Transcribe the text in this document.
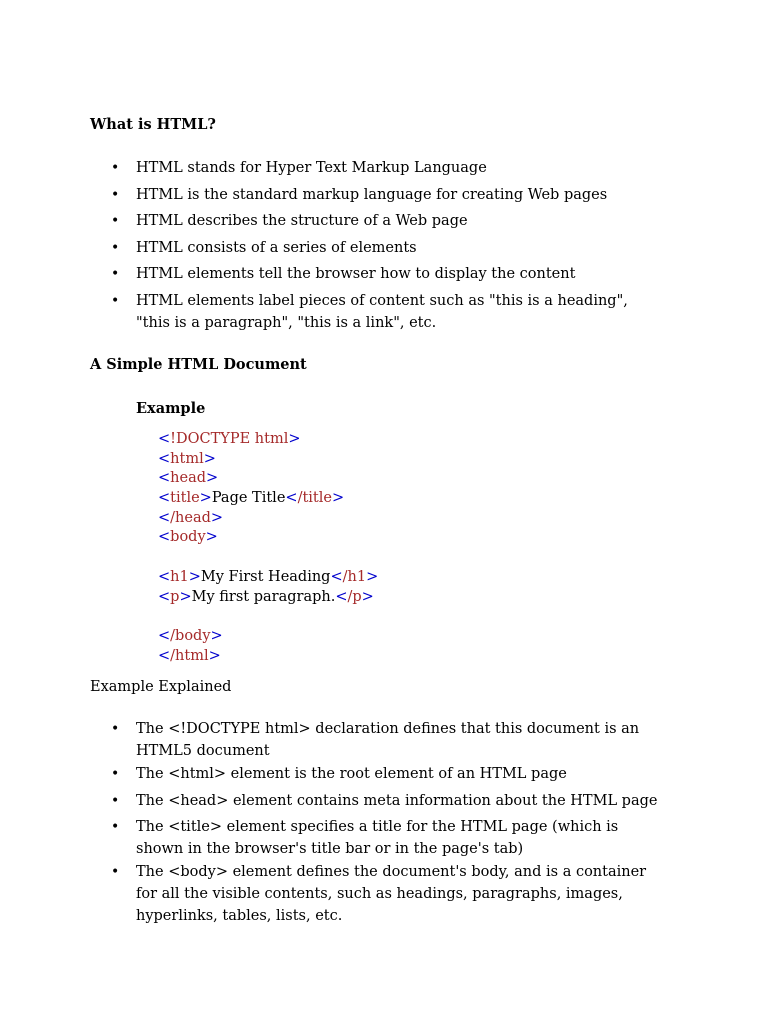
What is HTML?

• HTML stands for Hyper Text Markup Language
• HTML is the standard markup language for creating Web pages
• HTML describes the structure of a Web page
• HTML consists of a series of elements
• HTML elements tell the browser how to display the content
• HTML elements label pieces of content such as "this is a heading", "this is a paragraph", "this is a link", etc.

A Simple HTML Document

Example

<!DOCTYPE html>
<html>
<head>
<title>Page Title</title>
</head>
<body>
<h1>My First Heading</h1>
<p>My first paragraph.</p>
</body>
</html>

Example Explained

• The <!DOCTYPE html> declaration defines that this document is an HTML5 document
• The <html> element is the root element of an HTML page
• The <head> element contains meta information about the HTML page
• The <title> element specifies a title for the HTML page (which is shown in the browser's title bar or in the page's tab)
• The <body> element defines the document's body, and is a container for all the visible contents, such as headings, paragraphs, images, hyperlinks, tables, lists, etc.
